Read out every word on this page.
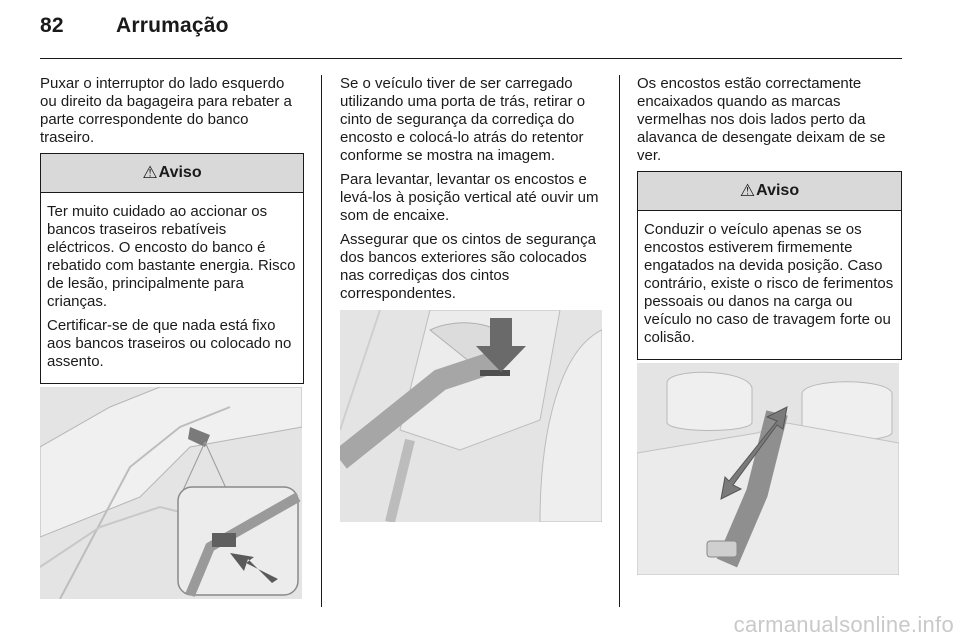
82 Arrumação

Puxar o interruptor do lado esquerdo ou direito da bagageira para rebater a parte correspondente do banco traseiro.

⚠ Aviso

Ter muito cuidado ao accionar os bancos traseiros rebatíveis eléctricos. O encosto do banco é rebatido com bastante energia. Risco de lesão, principalmente para crianças.

Certificar-se de que nada está fixo aos bancos traseiros ou colocado no assento.

Se o veículo tiver de ser carregado utilizando uma porta de trás, retirar o cinto de segurança da corrediça do encosto e colocá-lo atrás do retentor conforme se mostra na imagem.

Para levantar, levantar os encostos e levá-los à posição vertical até ouvir um som de encaixe.

Assegurar que os cintos de segurança dos bancos exteriores são colocados nas corrediças dos cintos correspondentes.

Os encostos estão correctamente encaixados quando as marcas vermelhas nos dois lados perto da alavanca de desengate deixam de se ver.

⚠ Aviso

Conduzir o veículo apenas se os encostos estiverem firmemente engatados na devida posição. Caso contrário, existe o risco de ferimentos pessoais ou danos na carga ou veículo no caso de travagem forte ou colisão.

carmanualsonline.info
